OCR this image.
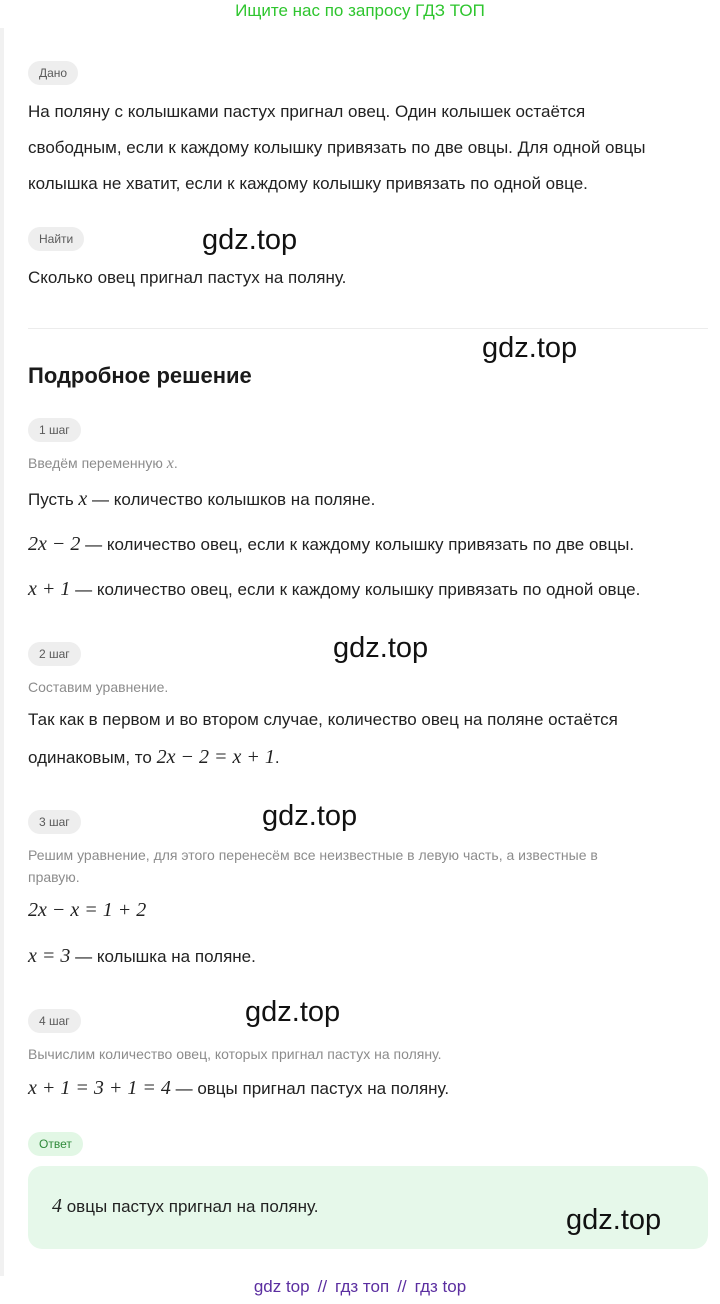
Ищите нас по запросу ГДЗ ТОП
Дано
На поляну с колышками пастух пригнал овец. Один колышек остаётся
свободным, если к каждому колышку привязать по две овцы. Для одной овцы
колышка не хватит, если к каждому колышку привязать по одной овце.
Найти
Сколько овец пригнал пастух на поляну.
Подробное решение
1 шаг
Введём переменную x.
Пусть x — количество колышков на поляне.
2x − 2 — количество овец, если к каждому колышку привязать по две овцы.
x + 1 — количество овец, если к каждому колышку привязать по одной овце.
2 шаг
Составим уравнение.
Так как в первом и во втором случае, количество овец на поляне остаётся
одинаковым, то 2x − 2 = x + 1.
3 шаг
Решим уравнение, для этого перенесём все неизвестные в левую часть, а известные в
правую.
2x − x = 1 + 2
x = 3 — колышка на поляне.
4 шаг
Вычислим количество овец, которых пригнал пастух на поляну.
x + 1 = 3 + 1 = 4 — овцы пригнал пастух на поляну.
Ответ
4 овцы пастух пригнал на поляну.
gdz.top
gdz.top
gdz.top
gdz.top
gdz.top
gdz.top
gdz top // гдз топ // гдз top
